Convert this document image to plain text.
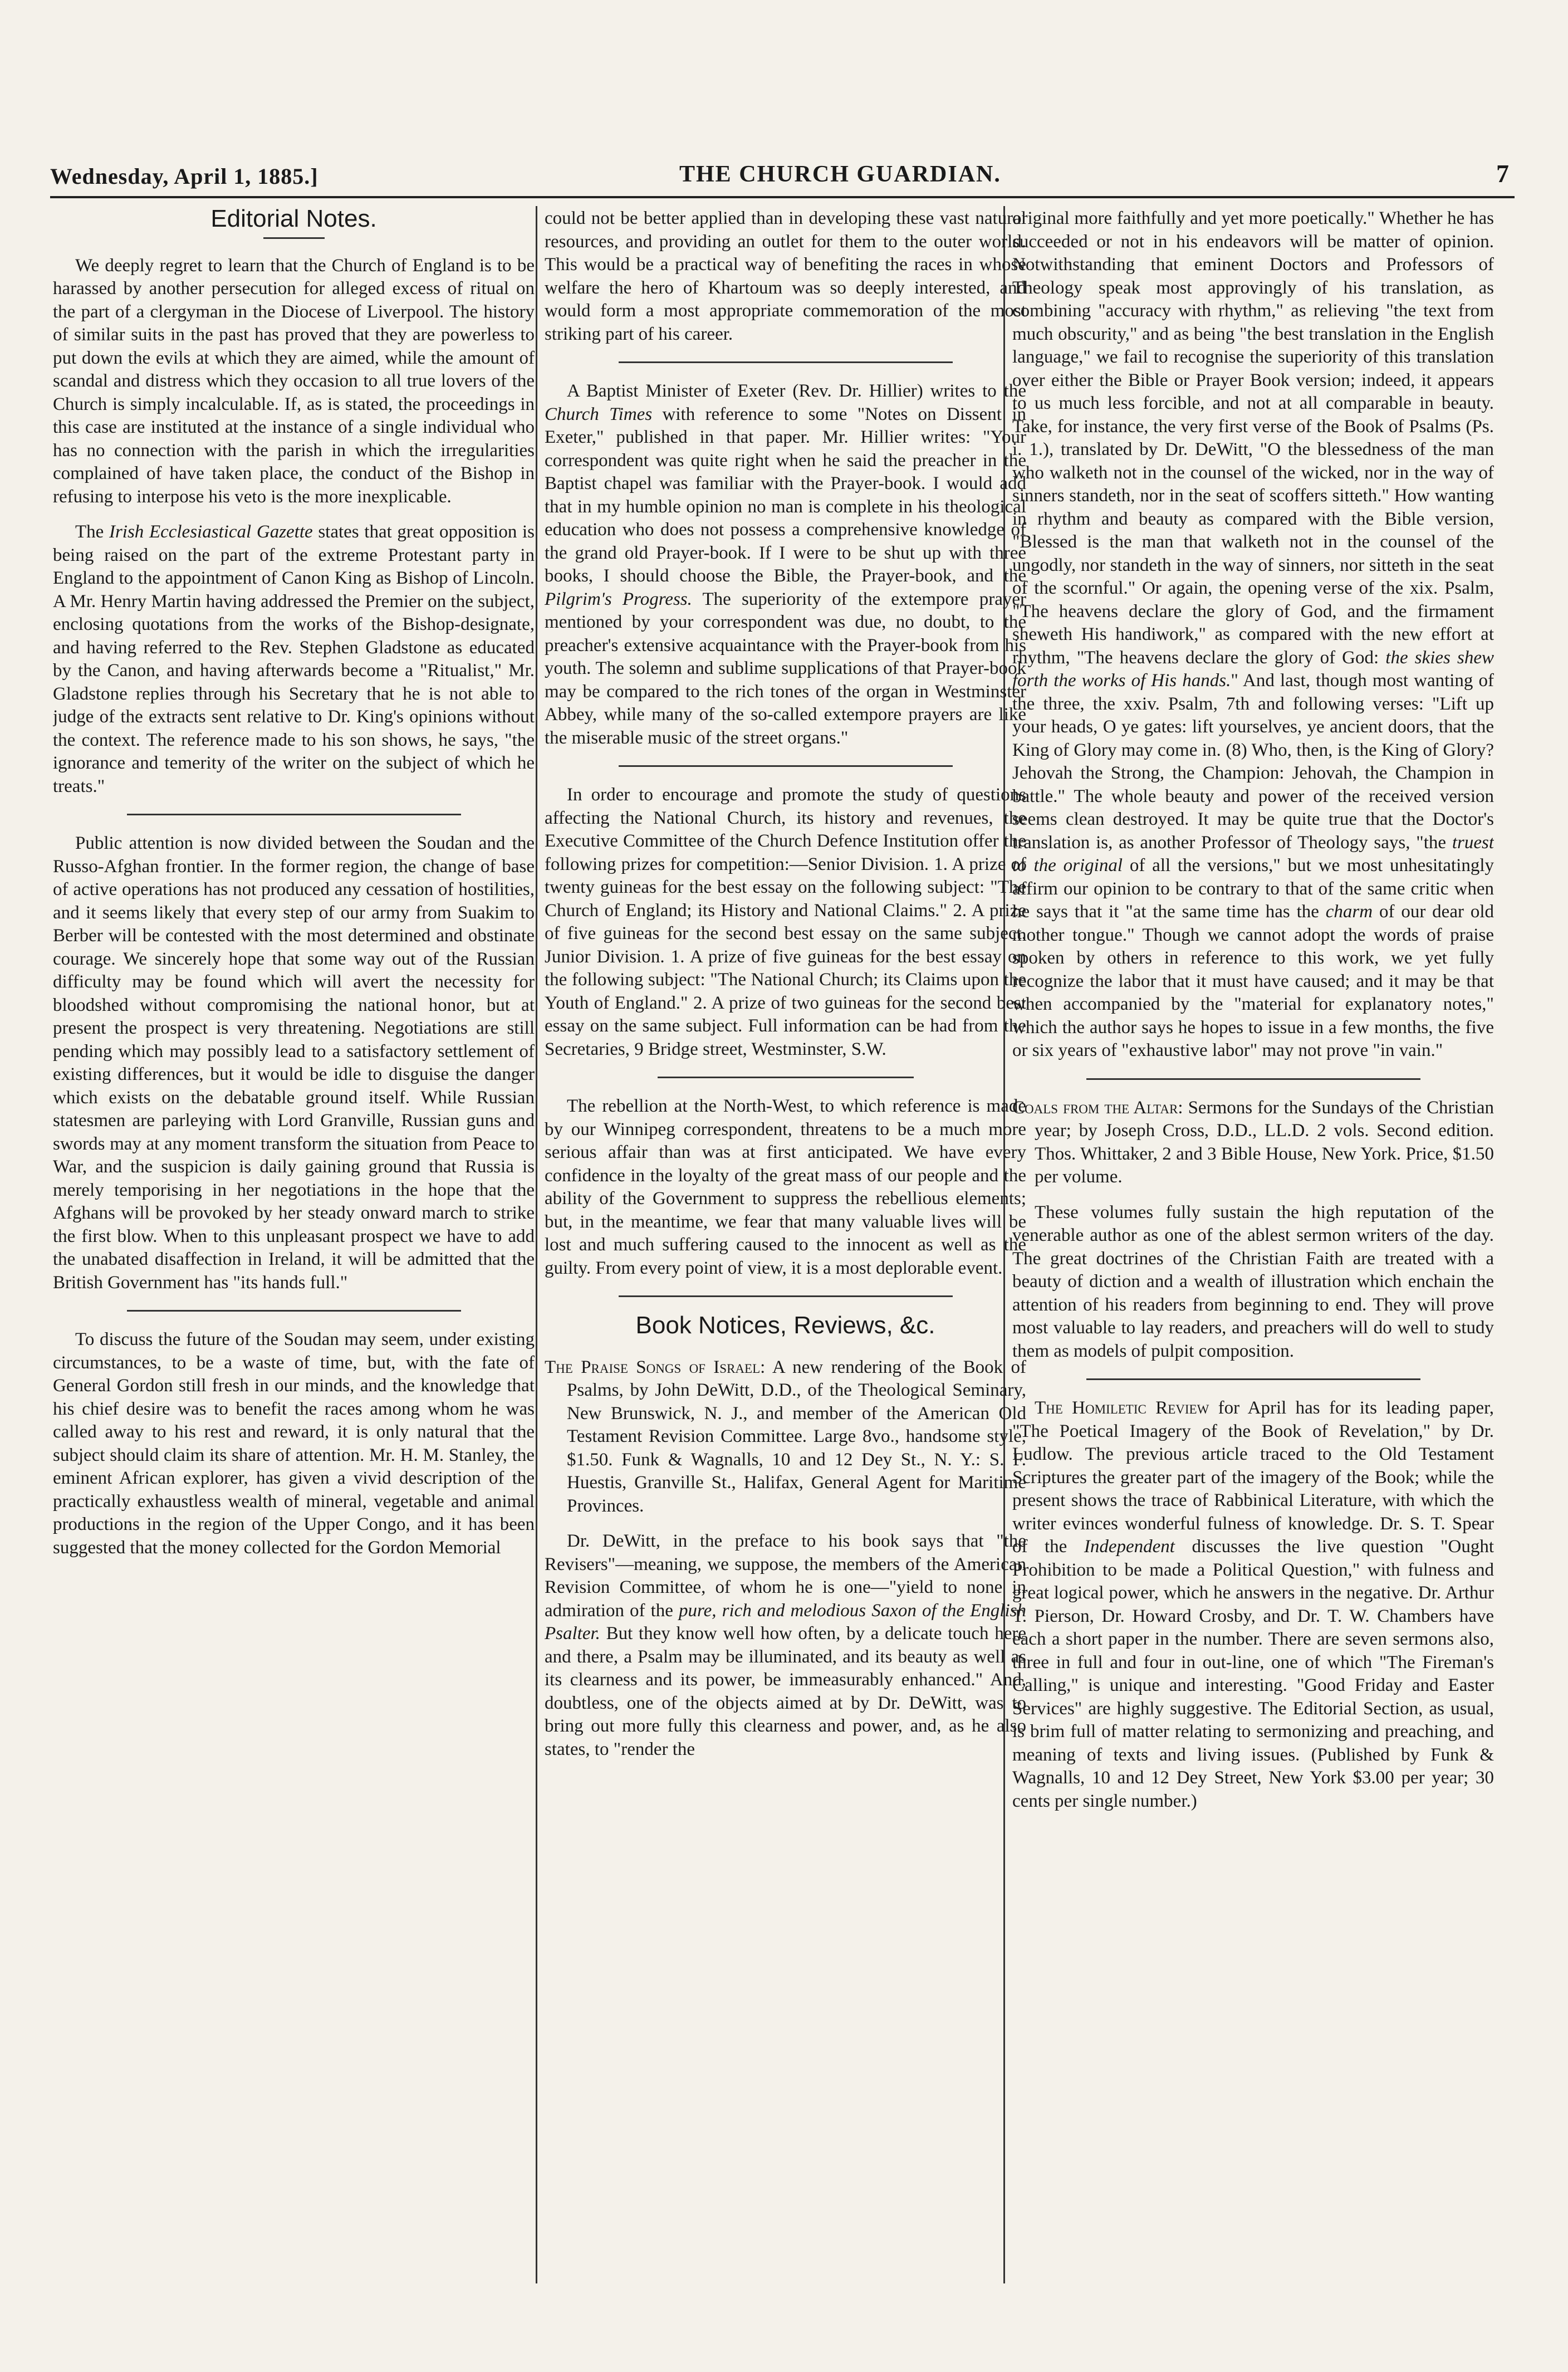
Wednesday, April 1, 1885.]	THE CHURCH GUARDIAN.	7
Editorial Notes.

We deeply regret to learn that the Church of England is to be harassed by another persecution for alleged excess of ritual on the part of a clergyman in the Diocese of Liverpool. The history of similar suits in the past has proved that they are powerless to put down the evils at which they are aimed, while the amount of scandal and distress which they occasion to all true lovers of the Church is simply incalculable. If, as is stated, the proceedings in this case are instituted at the instance of a single individual who has no connection with the parish in which the irregularities complained of have taken place, the conduct of the Bishop in refusing to interpose his veto is the more inexplicable.

The Irish Ecclesiastical Gazette states that great opposition is being raised on the part of the extreme Protestant party in England to the appointment of Canon King as Bishop of Lincoln. A Mr. Henry Martin having addressed the Premier on the subject, enclosing quotations from the works of the Bishop-designate, and having referred to the Rev. Stephen Gladstone as educated by the Canon, and having afterwards become a "Ritualist," Mr. Gladstone replies through his Secretary that he is not able to judge of the extracts sent relative to Dr. King's opinions without the context. The reference made to his son shows, he says, "the ignorance and temerity of the writer on the subject of which he treats."

Public attention is now divided between the Soudan and the Russo-Afghan frontier. In the former region, the change of base of active operations has not produced any cessation of hostilities, and it seems likely that every step of our army from Suakim to Berber will be contested with the most determined and obstinate courage. We sincerely hope that some way out of the Russian difficulty may be found which will avert the necessity for bloodshed without compromising the national honor, but at present the prospect is very threatening. Negotiations are still pending which may possibly lead to a satisfactory settlement of existing differences, but it would be idle to disguise the danger which exists on the debatable ground itself. While Russian statesmen are parleying with Lord Granville, Russian guns and swords may at any moment transform the situation from Peace to War, and the suspicion is daily gaining ground that Russia is merely temporising in her negotiations in the hope that the Afghans will be provoked by her steady onward march to strike the first blow. When to this unpleasant prospect we have to add the unabated disaffection in Ireland, it will be admitted that the British Government has "its hands full."

To discuss the future of the Soudan may seem, under existing circumstances, to be a waste of time, but, with the fate of General Gordon still fresh in our minds, and the knowledge that his chief desire was to benefit the races among whom he was called away to his rest and reward, it is only natural that the subject should claim its share of attention. Mr. H. M. Stanley, the eminent African explorer, has given a vivid description of the practically exhaustless wealth of mineral, vegetable and animal productions in the region of the Upper Congo, and it has been suggested that the money collected for the Gordon Memorial

could not be better applied than in developing these vast natural resources, and providing an outlet for them to the outer world. This would be a practical way of benefiting the races in whose welfare the hero of Khartoum was so deeply interested, and would form a most appropriate commemoration of the most striking part of his career.

A Baptist Minister of Exeter (Rev. Dr. Hillier) writes to the Church Times with reference to some "Notes on Dissent in Exeter," published in that paper. Mr. Hillier writes: "Your correspondent was quite right when he said the preacher in the Baptist chapel was familiar with the Prayer-book. I would add that in my humble opinion no man is complete in his theological education who does not possess a comprehensive knowledge of the grand old Prayer-book. If I were to be shut up with three books, I should choose the Bible, the Prayer-book, and the Pilgrim's Progress. The superiority of the extempore prayer mentioned by your correspondent was due, no doubt, to the preacher's extensive acquaintance with the Prayer-book from his youth. The solemn and sublime supplications of that Prayer-book may be compared to the rich tones of the organ in Westminster Abbey, while many of the so-called extempore prayers are like the miserable music of the street organs."

In order to encourage and promote the study of questions affecting the National Church, its history and revenues, the Executive Committee of the Church Defence Institution offer the following prizes for competition:—Senior Division. 1. A prize of twenty guineas for the best essay on the following subject: "The Church of England; its History and National Claims." 2. A prize of five guineas for the second best essay on the same subject. Junior Division. 1. A prize of five guineas for the best essay on the following subject: "The National Church; its Claims upon the Youth of England." 2. A prize of two guineas for the second best essay on the same subject. Full information can be had from the Secretaries, 9 Bridge street, Westminster, S.W.

The rebellion at the North-West, to which reference is made by our Winnipeg correspondent, threatens to be a much more serious affair than was at first anticipated. We have every confidence in the loyalty of the great mass of our people and the ability of the Government to suppress the rebellious elements; but, in the meantime, we fear that many valuable lives will be lost and much suffering caused to the innocent as well as the guilty. From every point of view, it is a most deplorable event.

Book Notices, Reviews, &c.

The Praise Songs of Israel: A new rendering of the Book of Psalms, by John DeWitt, D.D., of the Theological Seminary, New Brunswick, N. J., and member of the American Old Testament Revision Committee. Large 8vo., handsome style, $1.50. Funk & Wagnalls, 10 and 12 Dey St., N. Y.: S. F. Huestis, Granville St., Halifax, General Agent for Maritime Provinces.

Dr. DeWitt, in the preface to his book says that "the Revisers"—meaning, we suppose, the members of the American Revision Committee, of whom he is one—"yield to none in admiration of the pure, rich and melodious Saxon of the English Psalter. But they know well how often, by a delicate touch here and there, a Psalm may be illuminated, and its beauty as well as its clearness and its power, be immeasurably enhanced." And, doubtless, one of the objects aimed at by Dr. DeWitt, was to bring out more fully this clearness and power, and, as he also states, to "render the

original more faithfully and yet more poetically." Whether he has succeeded or not in his endeavors will be matter of opinion. Notwithstanding that eminent Doctors and Professors of Theology speak most approvingly of his translation, as combining "accuracy with rhythm," as relieving "the text from much obscurity," and as being "the best translation in the English language," we fail to recognise the superiority of this translation over either the Bible or Prayer Book version; indeed, it appears to us much less forcible, and not at all comparable in beauty. Take, for instance, the very first verse of the Book of Psalms (Ps. i. 1.), translated by Dr. DeWitt, "O the blessedness of the man who walketh not in the counsel of the wicked, nor in the way of sinners standeth, nor in the seat of scoffers sitteth." How wanting in rhythm and beauty as compared with the Bible version, "Blessed is the man that walketh not in the counsel of the ungodly, nor standeth in the way of sinners, nor sitteth in the seat of the scornful." Or again, the opening verse of the xix. Psalm, "The heavens declare the glory of God, and the firmament sheweth His handiwork," as compared with the new effort at rhythm, "The heavens declare the glory of God: the skies shew forth the works of His hands." And last, though most wanting of the three, the xxiv. Psalm, 7th and following verses: "Lift up your heads, O ye gates: lift yourselves, ye ancient doors, that the King of Glory may come in. (8) Who, then, is the King of Glory? Jehovah the Strong, the Champion: Jehovah, the Champion in battle." The whole beauty and power of the received version seems clean destroyed. It may be quite true that the Doctor's translation is, as another Professor of Theology says, "the truest to the original of all the versions," but we most unhesitatingly affirm our opinion to be contrary to that of the same critic when he says that it "at the same time has the charm of our dear old mother tongue." Though we cannot adopt the words of praise spoken by others in reference to this work, we yet fully recognize the labor that it must have caused; and it may be that when accompanied by the "material for explanatory notes," which the author says he hopes to issue in a few months, the five or six years of "exhaustive labor" may not prove "in vain."

Coals from the Altar: Sermons for the Sundays of the Christian year; by Joseph Cross, D.D., LL.D. 2 vols. Second edition. Thos. Whittaker, 2 and 3 Bible House, New York. Price, $1.50 per volume.

These volumes fully sustain the high reputation of the venerable author as one of the ablest sermon writers of the day. The great doctrines of the Christian Faith are treated with a beauty of diction and a wealth of illustration which enchain the attention of his readers from beginning to end. They will prove most valuable to lay readers, and preachers will do well to study them as models of pulpit composition.

The Homiletic Review for April has for its leading paper, "The Poetical Imagery of the Book of Revelation," by Dr. Ludlow. The previous article traced to the Old Testament Scriptures the greater part of the imagery of the Book; while the present shows the trace of Rabbinical Literature, with which the writer evinces wonderful fulness of knowledge. Dr. S. T. Spear of the Independent discusses the live question "Ought Prohibition to be made a Political Question," with fulness and great logical power, which he answers in the negative. Dr. Arthur T. Pierson, Dr. Howard Crosby, and Dr. T. W. Chambers have each a short paper in the number. There are seven sermons also, three in full and four in out-line, one of which "The Fireman's Calling," is unique and interesting. "Good Friday and Easter Services" are highly suggestive. The Editorial Section, as usual, is brim full of matter relating to sermonizing and preaching, and meaning of texts and living issues. (Published by Funk & Wagnalls, 10 and 12 Dey Street, New York $3.00 per year; 30 cents per single number.)
